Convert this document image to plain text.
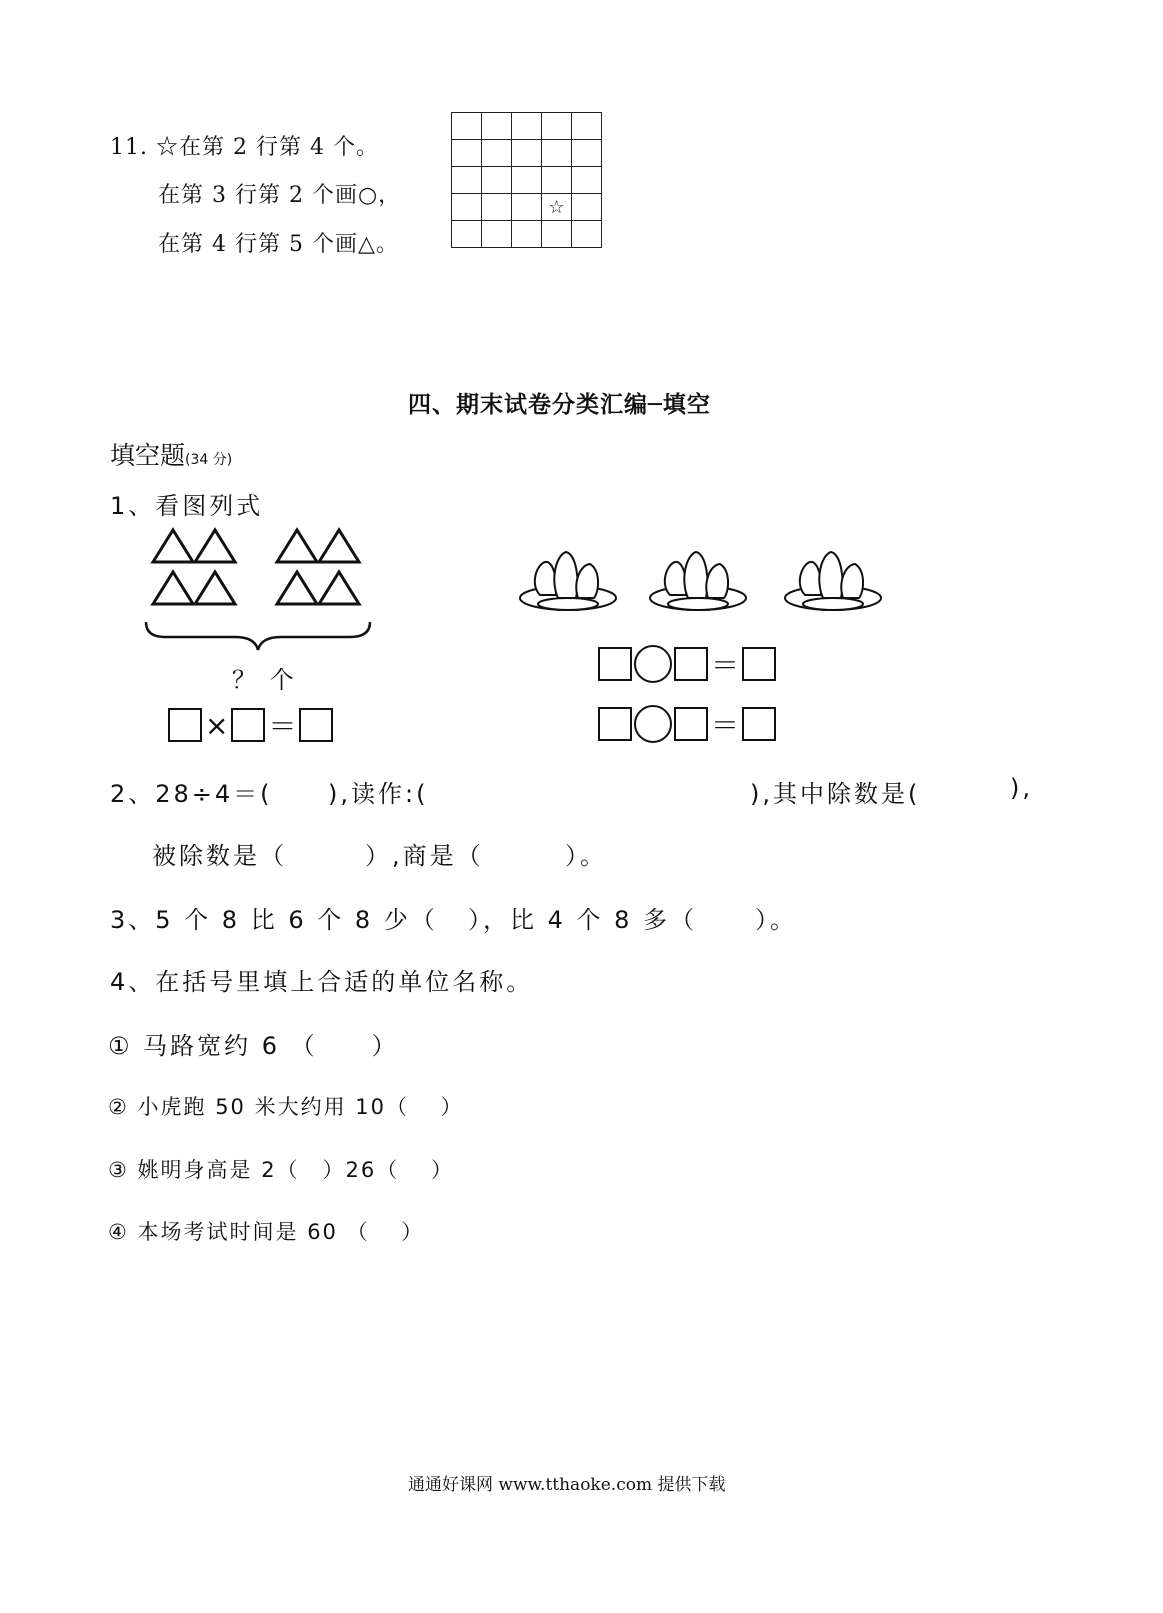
11. ☆在第 2 行第 4 个。
在第 3 行第 2 个画○，
在第 4 行第 5 个画△。

			☆	

四、期末试卷分类汇编─填空
填空题(34 分)
1、看图列式
？ 个
× ＝
＝
＝
2、28÷4＝( ),读作:(	),其中除数是(	),
被除数是（	）,商是（	）。
3、5 个 8 比 6 个 8 少（ ），比 4 个 8 多（ ）。
4、在括号里填上合适的单位名称。
① 马路宽约 6 （　　）
② 小虎跑 50 米大约用 10（　 ）
③ 姚明身高是 2（　）26（　 ）
④ 本场考试时间是 60 （　 ）
通通好课网 www.tthaoke.com 提供下载
